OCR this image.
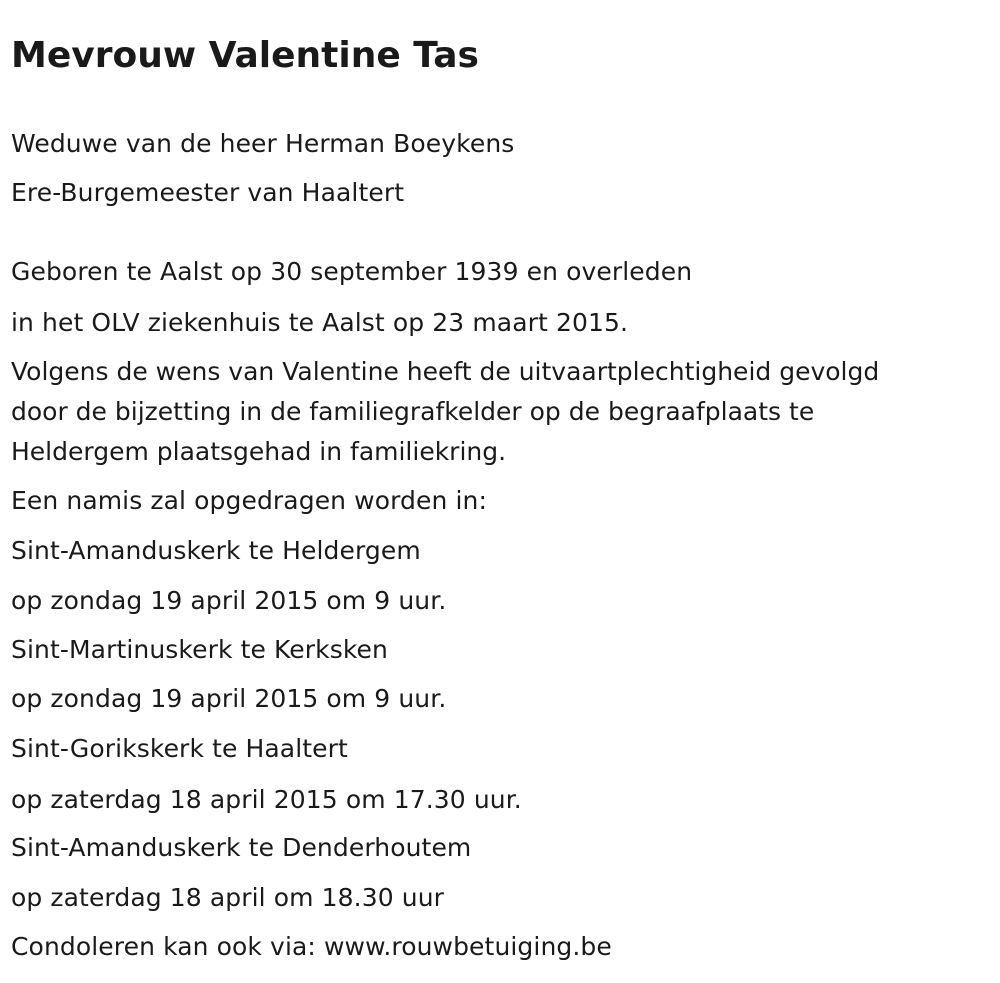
Mevrouw Valentine Tas

Weduwe van de heer Herman Boeykens

Ere-Burgemeester van Haaltert

Geboren te Aalst op 30 september 1939 en overleden

in het OLV ziekenhuis te Aalst op 23 maart 2015.

Volgens de wens van Valentine heeft de uitvaartplechtigheid gevolgd
door de bijzetting in de familiegrafkelder op de begraafplaats te
Heldergem plaatsgehad in familiekring.

Een namis zal opgedragen worden in:

Sint-Amanduskerk te Heldergem

op zondag 19 april 2015 om 9 uur.

Sint-Martinuskerk te Kerksken

op zondag 19 april 2015 om 9 uur.

Sint-Gorikskerk te Haaltert

op zaterdag 18 april 2015 om 17.30 uur.

Sint-Amanduskerk te Denderhoutem

op zaterdag 18 april om 18.30 uur

Condoleren kan ook via: www.rouwbetuiging.be
